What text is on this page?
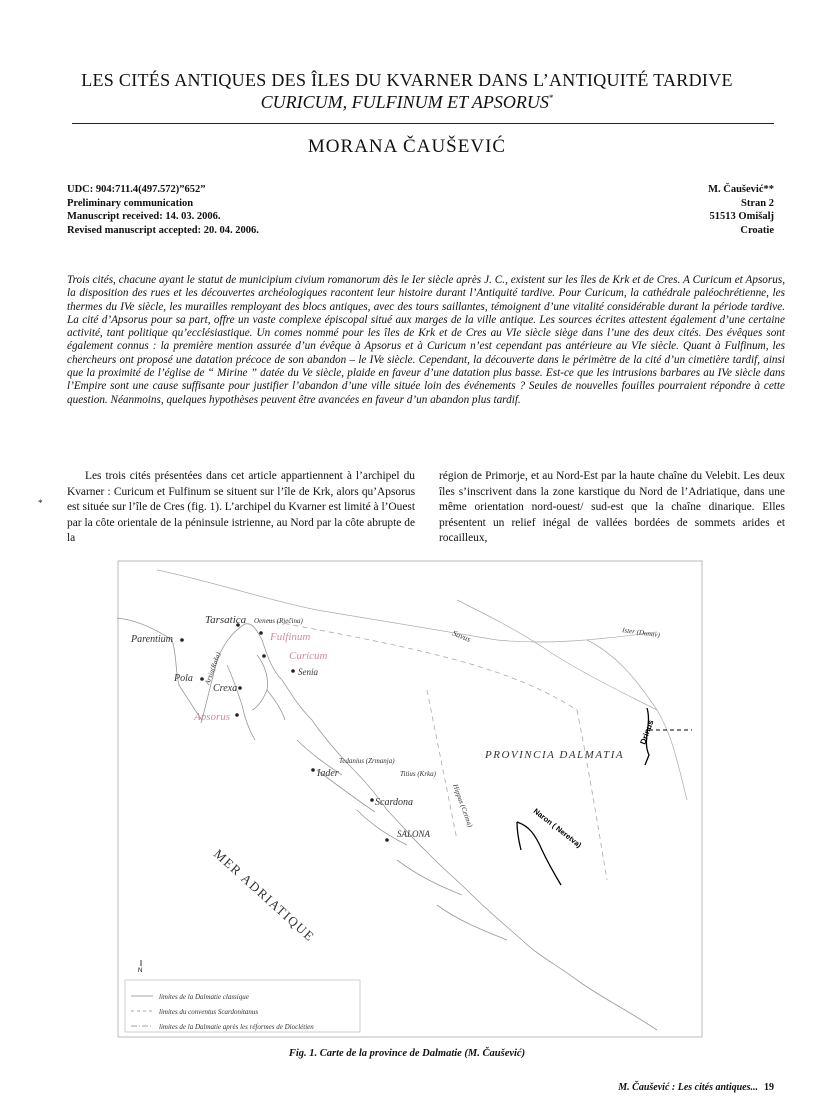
LES CITÉS ANTIQUES DES ÎLES DU KVARNER DANS L’ANTIQUITÉ TARDIVE
CURICUM, FULFINUM ET APSORUS*
MORANA ČAUŠEVIĆ
UDC: 904:711.4(497.572)”652”
Preliminary communication
Manuscript received: 14. 03. 2006.
Revised manuscript accepted: 20. 04. 2006.
M. Čaušević**
Stran 2
51513 Omišalj
Croatie
Trois cités, chacune ayant le statut de municipium civium romanorum dès le Ier siècle après J. C., existent sur les îles de Krk et de Cres. A Curicum et Apsorus, la disposition des rues et les découvertes archéologiques racontent leur histoire durant l’Antiquité tardive. Pour Curicum, la cathédrale paléochrétienne, les thermes du IVe siècle, les murailles remployant des blocs antiques, avec des tours saillantes, témoignent d’une vitalité considérable durant la période tardive. La cité d’Apsorus pour sa part, offre un vaste complexe épiscopal situé aux marges de la ville antique. Les sources écrites attestent également d’une certaine activité, tant politique qu’ecclésiastique. Un comes nommé pour les îles de Krk et de Cres au VIe siècle siège dans l’une des deux cités. Des évêques sont également connus : la première mention assurée d’un évêque à Apsorus et à Curicum n’est cependant pas antérieure au VIe siècle. Quant à Fulfinum, les chercheurs ont proposé une datation précoce de son abandon – le IVe siècle. Cependant, la découverte dans le périmètre de la cité d’un cimetière tardif, ainsi que la proximité de l’église de “ Mirine ” datée du Ve siècle, plaide en faveur d’une datation plus basse. Est-ce que les intrusions barbares au IVe siècle dans l’Empire sont une cause suffisante pour justifier l’abandon d’une ville située loin des événements ? Seules de nouvelles fouilles pourraient répondre à cette question. Néanmoins, quelques hypothèses peuvent être avancées en faveur d’un abandon plus tardif.
*
Les trois cités présentées dans cet article appartiennent à l’archipel du Kvarner : Curicum et Fulfinum se situent sur l’île de Krk, alors qu’Apsorus est située sur l’île de Cres (fig. 1). L’archipel du Kvarner est limité à l’Ouest par la côte orientale de la péninsule istrienne, au Nord par la côte abrupte de la
région de Primorje, et au Nord-Est par la haute chaîne du Velebit. Les deux îles s’inscrivent dans la zone karstique du Nord de l’Adriatique, dans une même orientation nord-ouest/ sud-est que la chaîne dinarique. Elles présentent un relief inégal de vallées bordées de sommets arides et rocailleux,
Tarsatica Oeneus (Rječina)
Fulfinum
Curicum
Senia
Parentium
Pola
Crexa
Apsorus
Arsia(Raša)
Savus	Ister (Dunav)
Drinus
PROVINCIA DALMATIA
Tedanius (Zrmanja)
Iader	Titius (Krka)
Scardona	Hippus (Cetina)
SALONA	Naron ( Neretva)
MER ADRIATIQUE
N
limites de la Dalmatie classique
limites du conventus Scardonitanus
limites de la Dalmatie après les réformes de Dioclétien
Fig. 1. Carte de la province de Dalmatie (M. Čaušević)
M. Čaušević : Les cités antiques... 19
